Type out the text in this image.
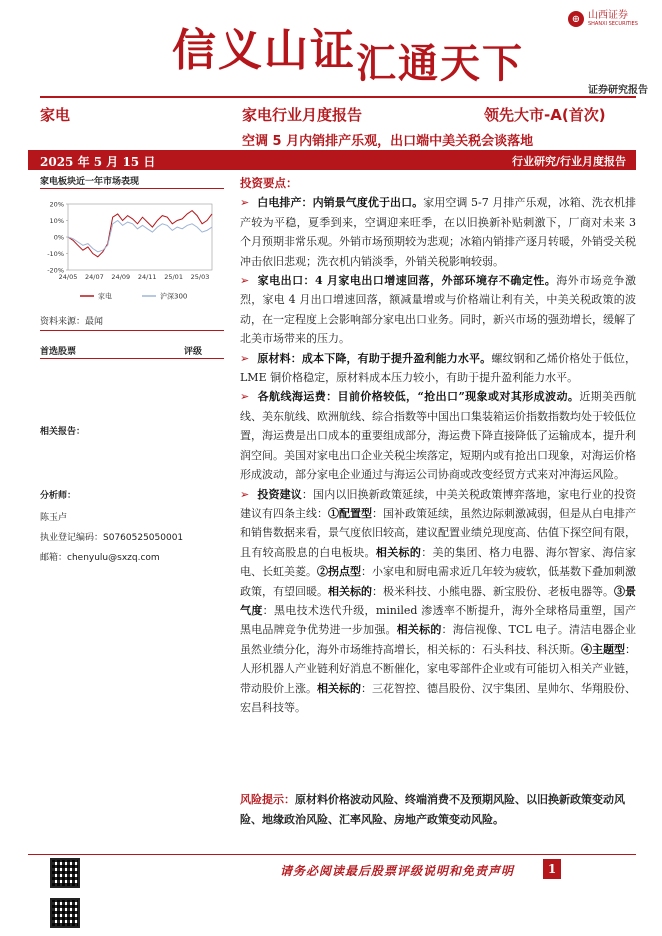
信义山证汇通天下
⊕ 山西证券
SHANXI SECURITIES
证券研究报告
家电	家电行业月度报告	领先大市-A(首次)
空调 5 月内销排产乐观，出口端中美关税会谈落地
2025 年 5 月 15 日	行业研究/行业月度报告
家电板块近一年市场表现
20%
10%
0%
-10%
-20%
24/05 24/07 24/09 24/11 25/01 25/03
家电	沪深300
资料来源：最闻
首选股票	评级
相关报告：
分析师：
陈玉卢
执业登记编码：S0760525050001
邮箱：chenyulu@sxzq.com

投资要点：

➢ 白电排产：内销景气度优于出口。家用空调 5-7 月排产乐观，冰箱、洗衣机排产较为平稳，夏季到来，空调迎来旺季，在以旧换新补贴刺激下，厂商对未来 3 个月预期非常乐观。外销市场预期较为悲观；冰箱内销排产逐月转暖，外销受关税冲击依旧悲观；洗衣机内销淡季，外销关税影响较弱。

➢ 家电出口：4 月家电出口增速回落，外部环境存不确定性。海外市场竞争激烈，家电 4 月出口增速回落，额减量增或与价格端让利有关，中美关税政策的波动，在一定程度上会影响部分家电出口业务。同时，新兴市场的强劲增长，缓解了北美市场带来的压力。

➢ 原材料：成本下降，有助于提升盈利能力水平。螺纹钢和乙烯价格处于低位，LME 铜价格稳定，原材料成本压力较小，有助于提升盈利能力水平。

➢ 各航线海运费：目前价格较低，“抢出口”现象或对其形成波动。近期美西航线、美东航线、欧洲航线、综合指数等中国出口集装箱运价指数指数均处于较低位置，海运费是出口成本的重要组成部分，海运费下降直接降低了运输成本，提升利润空间。美国对家电出口企业关税尘埃落定，短期内或有抢出口现象，对海运价格形成波动，部分家电企业通过与海运公司协商或改变经贸方式来对冲海运风险。

➢ 投资建议：国内以旧换新政策延续，中美关税政策博弈落地，家电行业的投资建议有四条主线：①配置型：国补政策延续，虽然边际刺激减弱，但是从白电排产和销售数据来看，景气度依旧较高，建议配置业绩兑现度高、估值下探空间有限，且有较高股息的白电板块。相关标的：美的集团、格力电器、海尔智家、海信家电、长虹美菱。②拐点型：小家电和厨电需求近几年较为疲软，低基数下叠加刺激政策，有望回暖。相关标的：极米科技、小熊电器、新宝股份、老板电器等。③景气度：黑电技术迭代升级，miniled 渗透率不断提升，海外全球格局重塑，国产黑电品牌竞争优势进一步加强。相关标的：海信视像、TCL 电子。清洁电器企业虽然业绩分化，海外市场维持高增长，相关标的：石头科技、科沃斯。④主题型：人形机器人产业链利好消息不断催化，家电零部件企业或有可能切入相关产业链，带动股价上涨。相关标的：三花智控、德昌股份、汉宇集团、星帅尔、华翔股份、宏昌科技等。

风险提示：原材料价格波动风险、终端消费不及预期风险、以旧换新政策变动风险、地缘政治风险、汇率风险、房地产政策变动风险。
请务必阅读最后股票评级说明和免责声明	1
